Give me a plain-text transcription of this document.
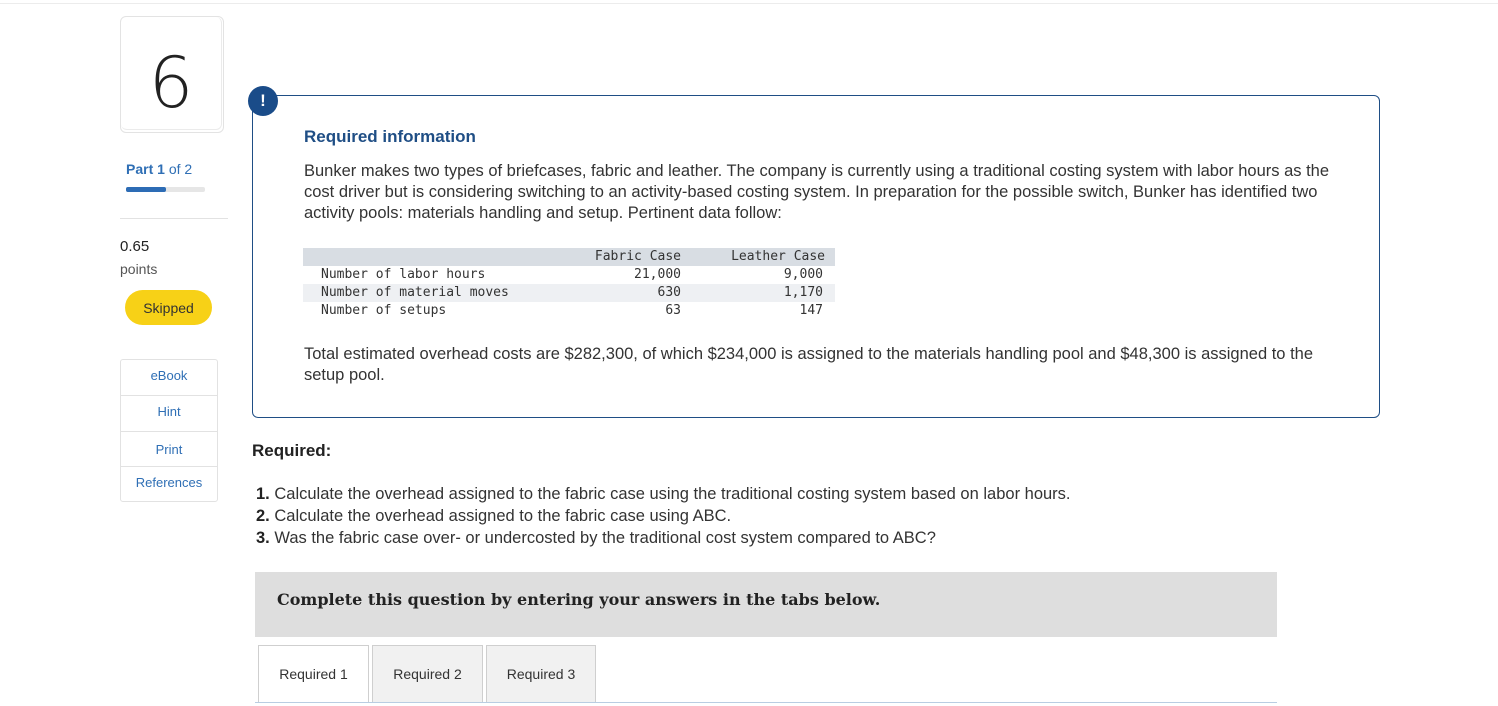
6
Part 1 of 2
0.65
points
Skipped
eBook
Hint
Print
References
!
Required information
Bunker makes two types of briefcases, fabric and leather. The company is currently using a traditional costing system with labor hours as the cost driver but is considering switching to an activity-based costing system. In preparation for the possible switch, Bunker has identified two activity pools: materials handling and setup. Pertinent data follow:
	Fabric Case	Leather Case
Number of labor hours	21,000	9,000
Number of material moves	630	1,170
Number of setups	63	147
Total estimated overhead costs are $282,300, of which $234,000 is assigned to the materials handling pool and $48,300 is assigned to the setup pool.
Required:
1. Calculate the overhead assigned to the fabric case using the traditional costing system based on labor hours.
2. Calculate the overhead assigned to the fabric case using ABC.
3. Was the fabric case over- or undercosted by the traditional cost system compared to ABC?
Complete this question by entering your answers in the tabs below.
Required 1	Required 2	Required 3
